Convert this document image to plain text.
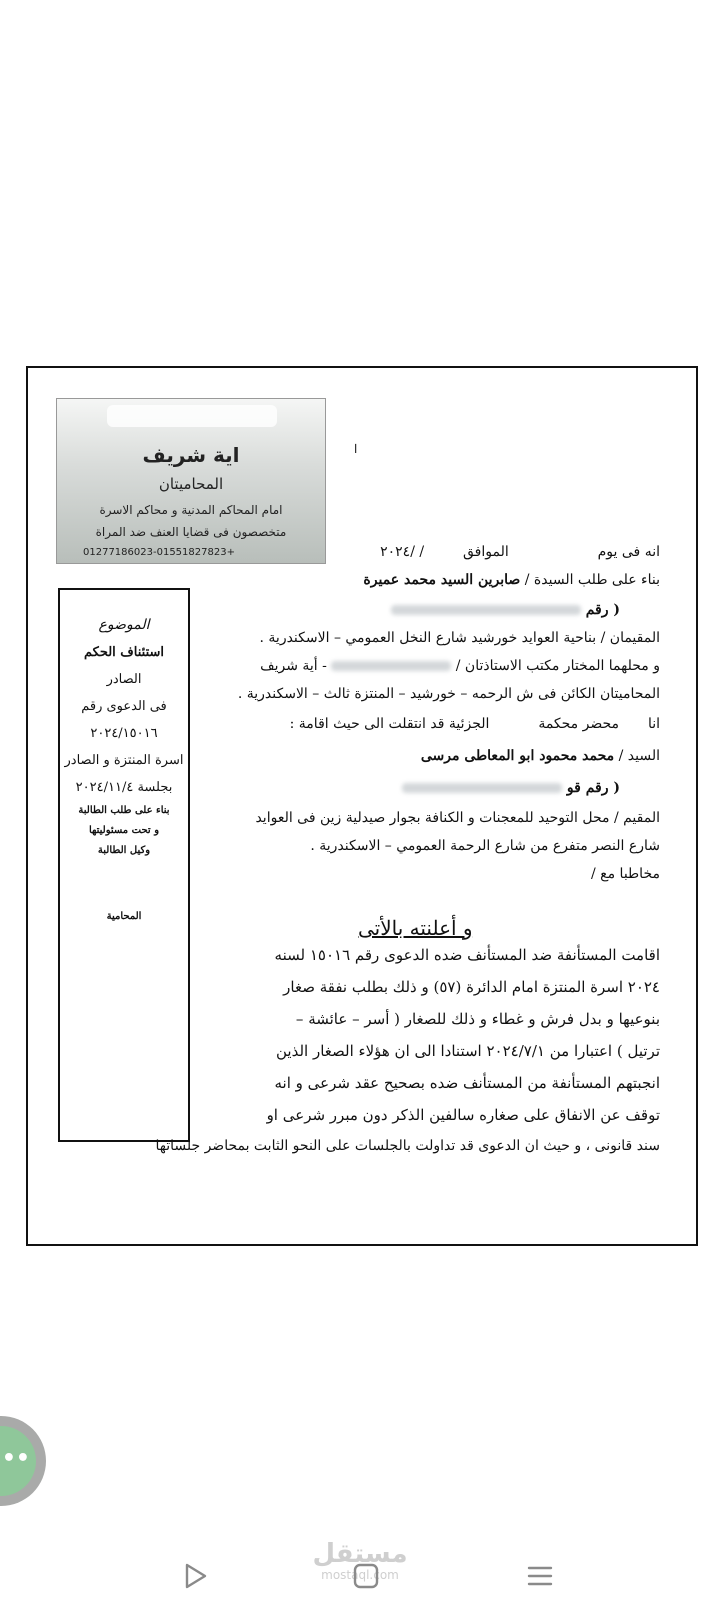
اية شريف
المحاميتان
امام المحاكم المدنية و محاكم الاسرة
متخصصون فى قضايا العنف ضد المراة
01277186023-01551827823+
ا
الموضوع
استئناف الحكم
الصادر
فى الدعوى رقم
٢٠٢٤/١٥٠١٦
اسرة المنتزة و الصادر
بجلسة ٢٠٢٤/١١/٤
بناء على طلب الطالبة
و تحت مسئوليتها
وكيل الطالبة
المحامية
انه فى يوم  الموافق  / /٢٠٢٤
بناء على طلب السيدة / صابرين السيد محمد عميرة
( رقم
المقيمان / بناحية العوايد خورشيد شارع النخل العمومي – الاسكندرية .
و محلهما المختار مكتب الاستاذتان /  - أية شريف
المحاميتان الكائن فى ش الرحمه – خورشيد – المنتزة ثالث – الاسكندرية .
انا  محضر محكمة  الجزئية قد انتقلت الى حيث اقامة :
السيد / محمد محمود ابو المعاطى مرسى
( رقم قو
المقيم / محل التوحيد للمعجنات و الكنافة بجوار صيدلية زين فى العوايد
شارع النصر متفرع من شارع الرحمة العمومي – الاسكندرية .
مخاطبا مع /
و أعلنته بالأتى
اقامت المستأنفة ضد المستأنف ضده الدعوى رقم ١٥٠١٦ لسنه
٢٠٢٤ اسرة المنتزة امام الدائرة (٥٧) و ذلك بطلب نفقة صغار
بنوعيها و بدل فرش و غطاء و ذلك للصغار ( أسر – عائشة –
ترتيل ) اعتبارا من ٢٠٢٤/٧/١ استنادا الى ان هؤلاء الصغار الذين
انجبتهم المستأنفة من المستأنف ضده بصحيح عقد شرعى و انه
توقف عن الانفاق على صغاره سالفين الذكر دون مبرر شرعى او
سند قانونى ، و حيث ان الدعوى قد تداولت بالجلسات على النحو الثابت بمحاضر جلساتها
••
مستقل
mostaql.com
